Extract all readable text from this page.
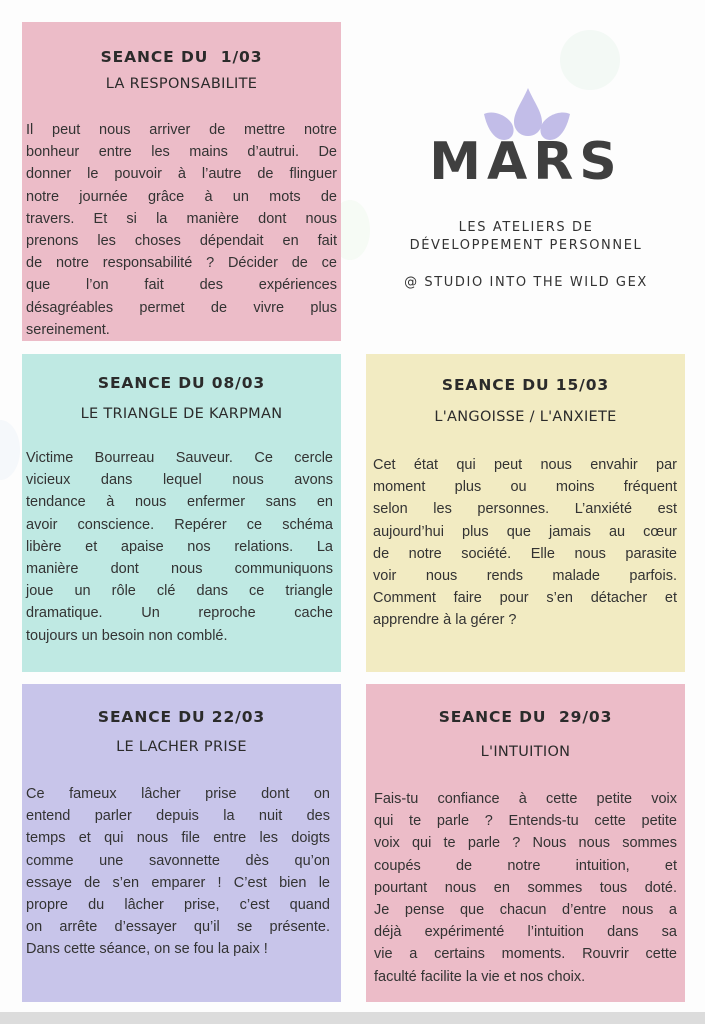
MARS

LES ATELIERS DE

DÉVELOPPEMENT PERSONNEL

@ STUDIO INTO THE WILD GEX

SEANCE DU  1/03

LA RESPONSABILITE

Il peut nous arriver de mettre notre
bonheur entre les mains d’autrui. De
donner le pouvoir à l’autre de flinguer
notre journée grâce à un mots de
travers. Et si la manière dont nous
prenons les choses dépendait en fait
de notre responsabilité ? Décider de ce
que l’on fait des expériences
désagréables permet de vivre plus
sereinement.

SEANCE DU 08/03

LE TRIANGLE DE KARPMAN

Victime Bourreau Sauveur. Ce cercle
vicieux dans lequel nous avons
tendance à nous enfermer sans en
avoir conscience. Repérer ce schéma
libère et apaise nos relations. La
manière dont nous communiquons
joue un rôle clé dans ce triangle
dramatique. Un reproche cache
toujours un besoin non comblé.

SEANCE DU 15/03

L'ANGOISSE / L'ANXIETE

Cet état qui peut nous envahir par
moment plus ou moins fréquent
selon les personnes. L’anxiété est
aujourd’hui plus que jamais au cœur
de notre société. Elle nous parasite
voir nous rends malade parfois.
Comment faire pour s’en détacher et
apprendre à la gérer ?

SEANCE DU 22/03

LE LACHER PRISE

Ce fameux lâcher prise dont on
entend parler depuis la nuit des
temps et qui nous file entre les doigts
comme une savonnette dès qu’on
essaye de s’en emparer ! C’est bien le
propre du lâcher prise, c’est quand
on arrête d’essayer qu’il se présente.
Dans cette séance, on se fou la paix !

SEANCE DU  29/03

L'INTUITION

Fais-tu confiance à cette petite voix
qui te parle ? Entends-tu cette petite
voix qui te parle ? Nous nous sommes
coupés de notre intuition, et
pourtant nous en sommes tous doté.
Je pense que chacun d’entre nous a
déjà expérimenté l’intuition dans sa
vie a certains moments. Rouvrir cette
faculté facilite la vie et nos choix.
